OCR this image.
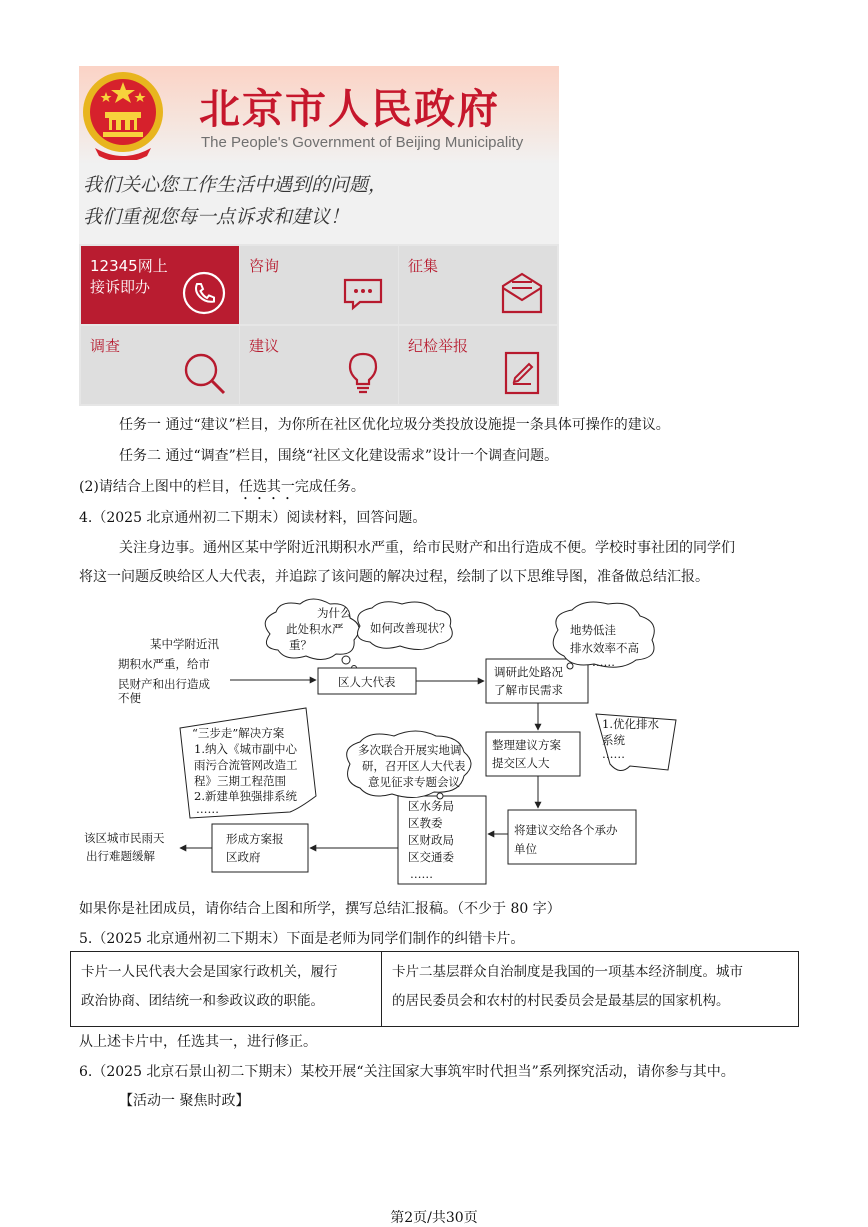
北京市人民政府
The People's Government of Beijing Municipality
我们关心您工作生活中遇到的问题，
我们重视您每一点诉求和建议！
12345网上
接诉即办
咨询	征集
调查	建议	纪检举报
任务一 通过“建议”栏目，为你所在社区优化垃圾分类投放设施提一条具体可操作的建议。
任务二 通过“调查”栏目，围绕“社区文化建设需求”设计一个调查问题。
(2)请结合上图中的栏目，任选其一完成任务。
4.（2025 北京通州初二下期末）阅读材料，回答问题。
关注身边事。通州区某中学附近汛期积水严重，给市民财产和出行造成不便。学校时事社团的同学们
将这一问题反映给区人大代表，并追踪了该问题的解决过程，绘制了以下思维导图，准备做总结汇报。
某中学附近汛
期积水严重，给市
民财产和出行造成
不便
为什么
此处积水严
重？
如何改善现状？
区人大代表
调研此处路况
了解市民需求
地势低洼
排水效率不高
……
整理建议方案
提交区人大
1.优化排水
系统
……
将建议交给各个承办
单位
区水务局
区教委
区财政局
区交通委
……
多次联合开展实地调
研，召开区人大代表
意见征求专题会议
“三步走”解决方案
1.纳入《城市副中心
雨污合流管网改造工
程》三期工程范围
2.新建单独强排系统
……
形成方案报
区政府
该区城市民雨天
出行难题缓解
如果你是社团成员，请你结合上图和所学，撰写总结汇报稿。（不少于 80 字）
5.（2025 北京通州初二下期末）下面是老师为同学们制作的纠错卡片。
卡片一人民代表大会是国家行政机关，履行
政治协商、团结统一和参政议政的职能。
卡片二基层群众自治制度是我国的一项基本经济制度。城市
的居民委员会和农村的村民委员会是最基层的国家机构。
从上述卡片中，任选其一，进行修正。
6.（2025 北京石景山初二下期末）某校开展“关注国家大事筑牢时代担当”系列探究活动，请你参与其中。
【活动一 聚焦时政】
第2页/共30页
